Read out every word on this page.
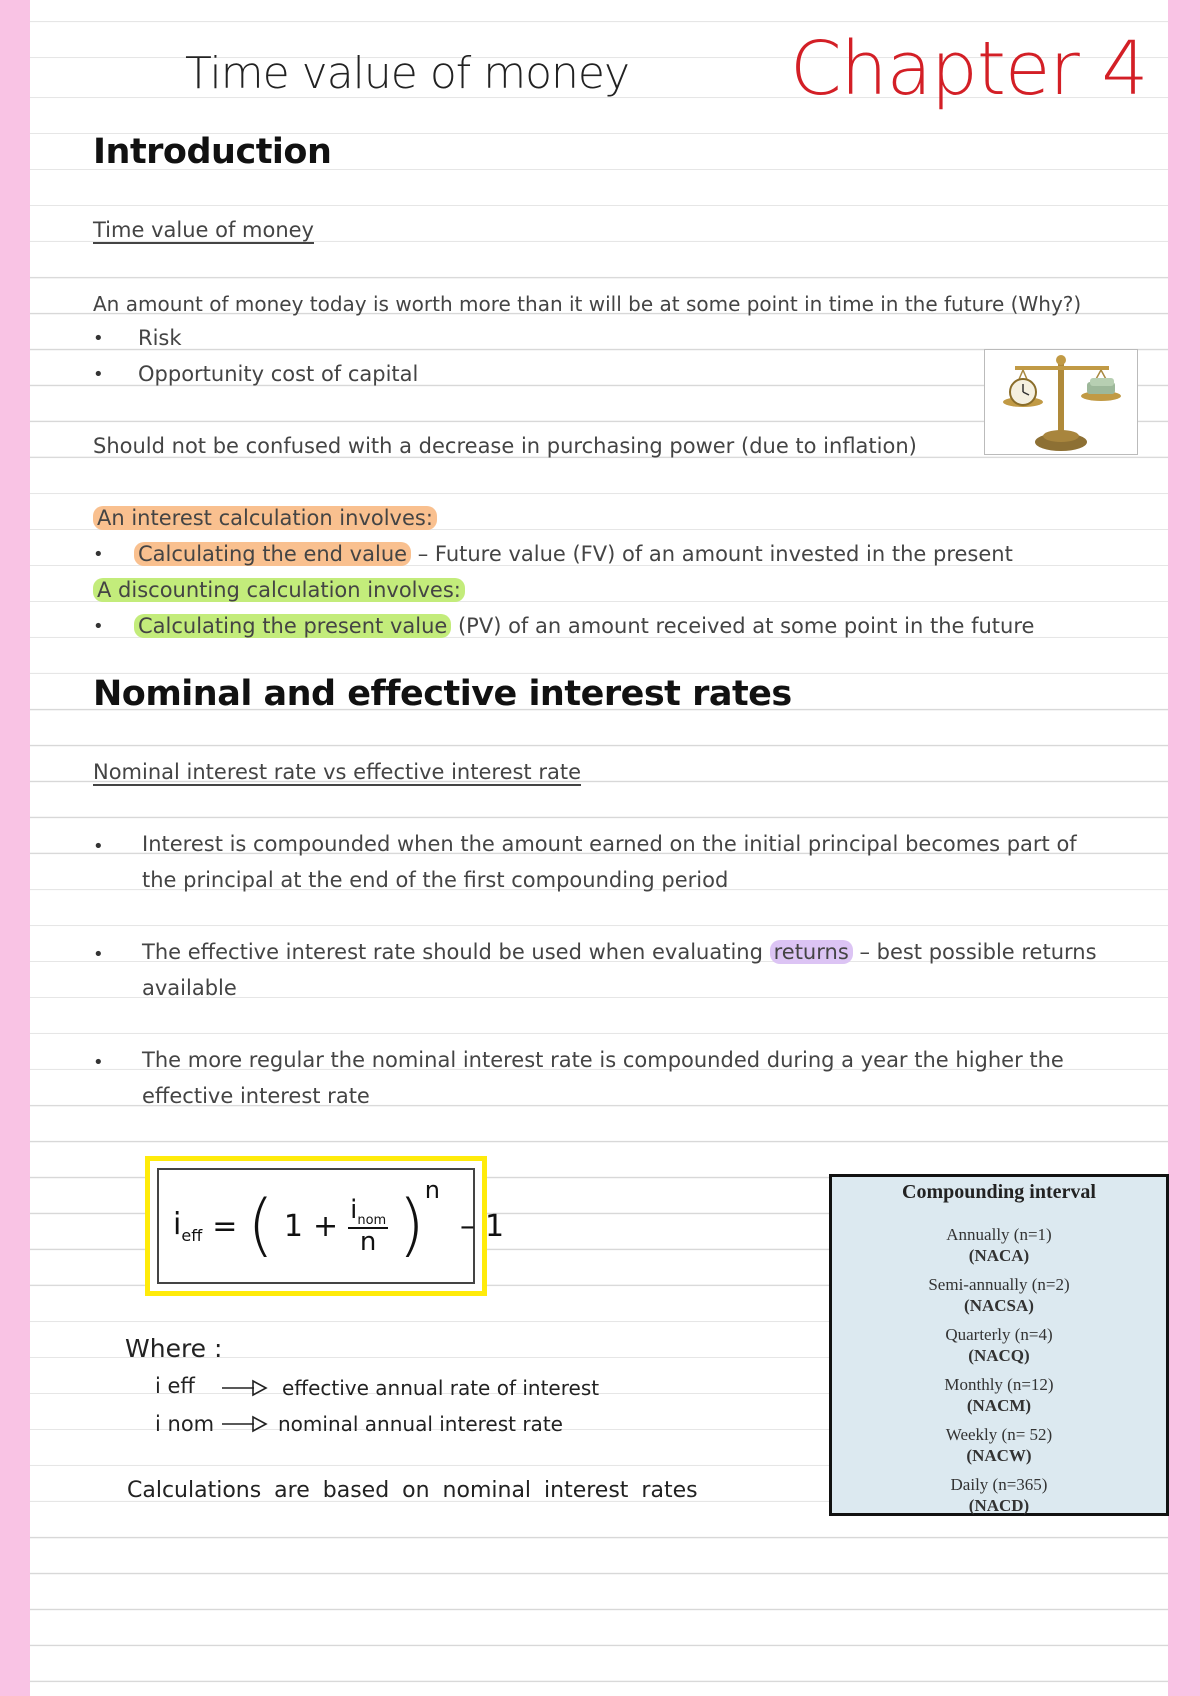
Time value of money Chapter 4
Introduction
Time value of money
An amount of money today is worth more than it will be at some point in time in the future (Why?)
• Risk
• Opportunity cost of capital
Should not be confused with a decrease in purchasing power (due to inflation)
An interest calculation involves:
• Calculating the end value – Future value (FV) of an amount invested in the present
A discounting calculation involves:
• Calculating the present value (PV) of an amount received at some point in the future
Nominal and effective interest rates
Nominal interest rate vs effective interest rate
• Interest is compounded when the amount earned on the initial principal becomes part of the principal at the end of the first compounding period
• The effective interest rate should be used when evaluating returns – best possible returns available
• The more regular the nominal interest rate is compounded during a year the higher the effective interest rate
$i_{eff}$ = ( $1 + \frac{i_{nom}}{n}$ ) n
– 1
Where :
i eff	effective annual rate of interest
i nom	nominal annual interest rate
Calculations are based on nominal interest rates
Compounding interval
Annually (n=1)
(NACA)
Semi-annually (n=2)
(NACSA)
Quarterly (n=4)
(NACQ)
Monthly (n=12)
(NACM)
Weekly (n= 52)
(NACW)
Daily (n=365)
(NACD)
